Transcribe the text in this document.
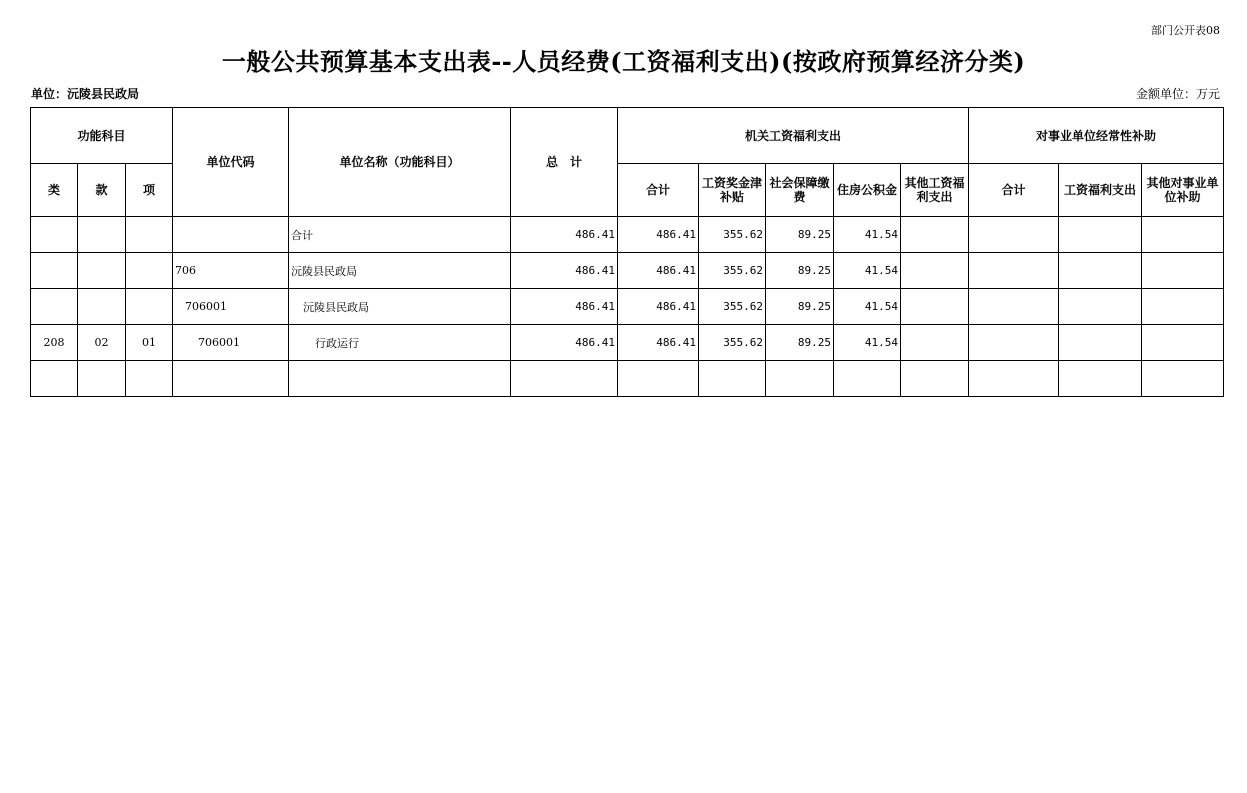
部门公开表08
一般公共预算基本支出表--人员经费(工资福利支出)(按政府预算经济分类)
单位：沅陵县民政局	金额单位：万元
功能科目			单位代码	单位名称（功能科目）	总　计	机关工资福利支出					对事业单位经常性补助		
类	款	项				合计	工资奖金津补贴	社会保障缴费	住房公积金	其他工资福利支出	合计	工资福利支出	其他对事业单位补助
				合计	486.41	486.41	355.62	89.25	41.54				
			706	沅陵县民政局	486.41	486.41	355.62	89.25	41.54				
			706001	沅陵县民政局	486.41	486.41	355.62	89.25	41.54				
208	02	01	706001	行政运行	486.41	486.41	355.62	89.25	41.54				
